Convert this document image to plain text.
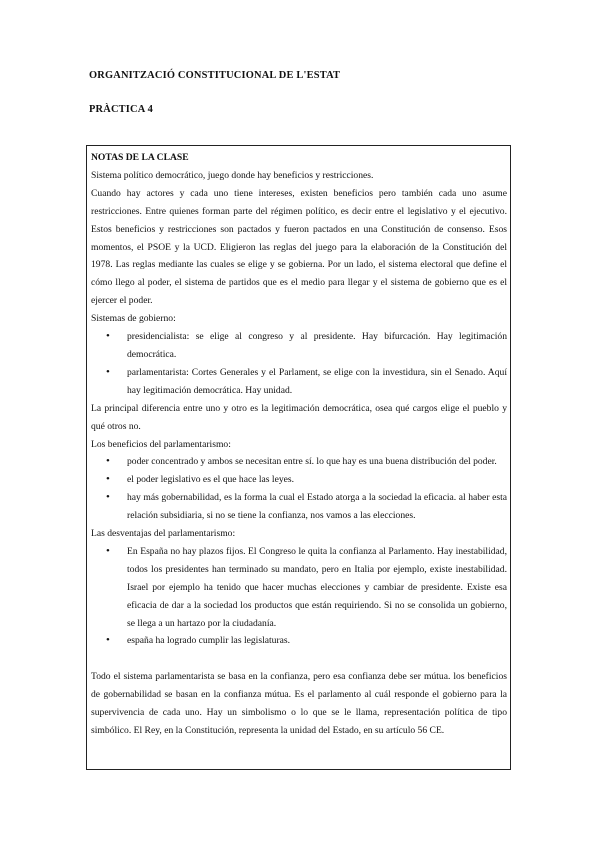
ORGANITZACIÓ CONSTITUCIONAL DE L'ESTAT
PRÀCTICA 4

NOTAS DE LA CLASE

Sistema político democrático, juego donde hay beneficios y restricciones.

Cuando hay actores y cada uno tiene intereses, existen beneficios pero también cada uno asume restricciones. Entre quienes forman parte del régimen político, es decir entre el legislativo y el ejecutivo. Estos beneficios y restricciones son pactados y fueron pactados en una Constitución de consenso. Esos momentos, el PSOE y la UCD. Eligieron las reglas del juego para la elaboración de la Constitución del 1978. Las reglas mediante las cuales se elige y se gobierna. Por un lado, el sistema electoral que define el cómo llego al poder, el sistema de partidos que es el medio para llegar y el sistema de gobierno que es el ejercer el poder.

Sistemas de gobierno:

• presidencialista: se elige al congreso y al presidente. Hay bifurcación. Hay legitimación democrática.
• parlamentarista: Cortes Generales y el Parlament, se elige con la investidura, sin el Senado. Aquí hay legitimación democrática. Hay unidad.

La principal diferencia entre uno y otro es la legitimación democrática, osea qué cargos elige el pueblo y qué otros no.

Los beneficios del parlamentarismo:

• poder concentrado y ambos se necesitan entre sí. lo que hay es una buena distribución del poder.
• el poder legislativo es el que hace las leyes.
• hay más gobernabilidad, es la forma la cual el Estado atorga a la sociedad la eficacia. al haber esta relación subsidiaria, si no se tiene la confianza, nos vamos a las elecciones.

Las desventajas del parlamentarismo:

• En España no hay plazos fijos. El Congreso le quita la confianza al Parlamento. Hay inestabilidad, todos los presidentes han terminado su mandato, pero en Italia por ejemplo, existe inestabilidad. Israel por ejemplo ha tenido que hacer muchas elecciones y cambiar de presidente. Existe esa eficacia de dar a la sociedad los productos que están requiriendo. Si no se consolida un gobierno, se llega a un hartazo por la ciudadanía.
• españa ha logrado cumplir las legislaturas.

Todo el sistema parlamentarista se basa en la confianza, pero esa confianza debe ser mútua. los beneficios de gobernabilidad se basan en la confianza mútua. Es el parlamento al cuál responde el gobierno para la supervivencia de cada uno. Hay un simbolismo o lo que se le llama, representación política de tipo simbólico. El Rey, en la Constitución, representa la unidad del Estado, en su artículo 56 CE.
